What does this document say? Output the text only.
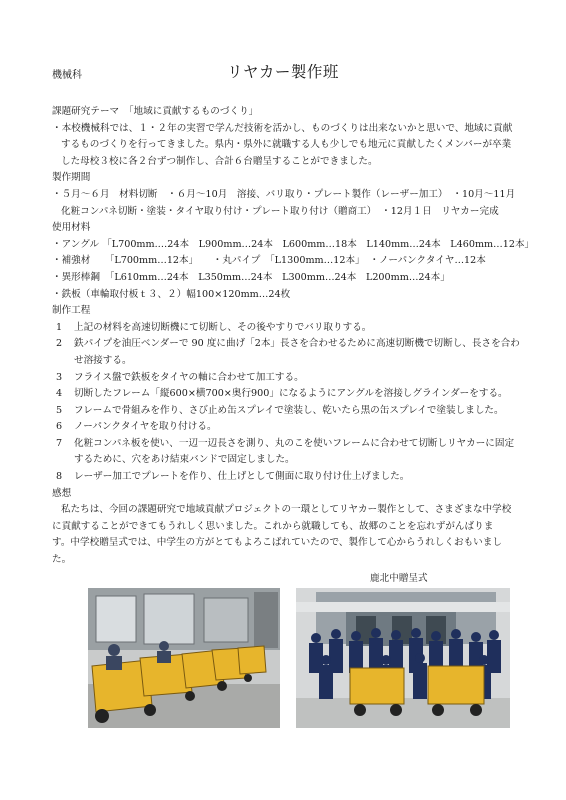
機械科	リヤカー製作班
課題研究テーマ　「地域に貢献するものづくり」
・本校機械科では、１・２年の実習で学んだ技術を活かし、ものづくりは出来ないかと思いで、地域に貢献
するものづくりを行ってきました。県内・県外に就職する人も少しでも地元に貢献したくメンバーが卒業
した母校３校に各２台ずつ制作し、合計６台贈呈することができました。
製作期間
・５月～６月　材料切断　・６月～10月　溶接、バリ取り・プレート製作（レーザー加工）　・10月～11月
化粧コンパネ切断・塗装・タイヤ取り付け・プレート取り付け（贈商工）　・12月１日　リヤカー完成
使用材料
・アングル 「L700mm.…24本　L900mm…24本　L600mm…18本　L140mm…24本　L460mm…12本」
・補強材　　「L700mm…12本」　　・丸パイプ　「L1300mm…12本」　・ノーパンクタイヤ…12本
・異形棒鋼　「L610mm…24本　L350mm…24本　L300mm…24本　L200mm…24本」
・鉄板（車輪取付板ｔ３、２）幅100×120mm…24枚
制作工程
1 上記の材料を高速切断機にて切断し、その後やすりでバリ取りする。
2 鉄パイプを油圧ベンダーで 90 度に曲げ「2本」長さを合わせるために高速切断機で切断し、長さを合わ
せ溶接する。
3 フライス盤で鉄板をタイヤの軸に合わせて加工する。
4 切断したフレーム「縦600×横700×奥行900」になるようにアングルを溶接しグラインダーをする。
5 フレームで骨組みを作り、さび止め缶スプレイで塗装し、乾いたら黒の缶スプレイで塗装しました。
6 ノーパンクタイヤを取り付ける。
7 化粧コンパネ板を使い、一辺一辺長さを測り、丸のこを使いフレームに合わせて切断しリヤカーに固定
するために、穴をあけ結束バンドで固定しました。
8 レーザー加工でプレートを作り、仕上げとして側面に取り付け仕上げました。
感想
私たちは、今回の課題研究で地域貢献プロジェクトの一環としてリヤカー製作として、さまざまな中学校
に貢献することができてもうれしく思いました。これから就職しても、故郷のことを忘れずがんばりま
す。中学校贈呈式では、中学生の方がとてもよろこばれていたので、製作して心からうれしくおもいまし
た。
鹿北中贈呈式
